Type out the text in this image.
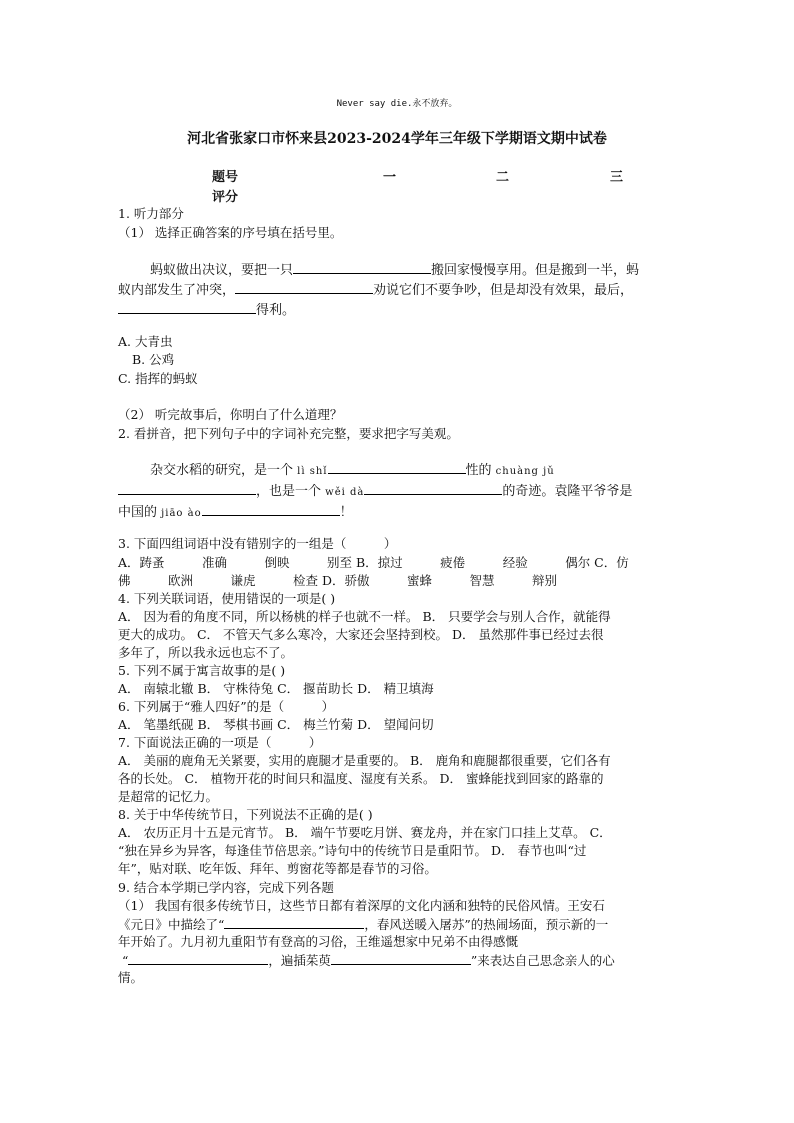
Never say die.永不放弃。
河北省张家口市怀来县2023-2024学年三年级下学期语文期中试卷
题号	一	二	三
评分
1. 听力部分
（1） 选择正确答案的序号填在括号里。
蚂蚁做出决议，要把一只	搬回家慢慢享用。但是搬到一半，蚂
蚁内部发生了冲突，	劝说它们不要争吵，但是却没有效果，最后，
得利。
A. 大青虫
B. 公鸡
C. 指挥的蚂蚁
（2） 听完故事后，你明白了什么道理？
2. 看拼音，把下列句子中的字词补充完整，要求把字写美观。
杂交水稻的研究，是一个 lì shǐ	性的 chuàng jǔ
，也是一个 wěi dà	的奇迹。袁隆平爷爷是
中国的 jiāo ào	！
3. 下面四组词语中没有错别字的一组是（　　　）
A．踌蚤　　　准确　　　倒映　　　别至 B．掠过　　　疲倦　　　经验　　　偶尔 C．仿
佛　　　欧洲　　　谦虎　　　检查 D．骄傲　　　蜜蜂　　　智慧　　　辩别
4. 下列关联词语，使用错误的一项是( )
A． 因为看的角度不同，所以杨桃的样子也就不一样。 B． 只要学会与别人合作，就能得
更大的成功。 C． 不管天气多么寒冷，大家还会坚持到校。 D． 虽然那件事已经过去很
多年了，所以我永远也忘不了。
5. 下列不属于寓言故事的是( )
A． 南辕北辙 B． 守株待兔 C． 揠苗助长 D． 精卫填海
6. 下列属于“雅人四好”的是（　　　）
A． 笔墨纸砚 B． 琴棋书画 C． 梅兰竹菊 D． 望闻问切
7. 下面说法正确的一项是（　　　）
A． 美丽的鹿角无关紧要，实用的鹿腿才是重要的。 B． 鹿角和鹿腿都很重要，它们各有
各的长处。 C． 植物开花的时间只和温度、湿度有关系。 D． 蜜蜂能找到回家的路靠的
是超常的记忆力。
8. 关于中华传统节日，下列说法不正确的是( )
A． 农历正月十五是元宵节。 B． 端午节要吃月饼、赛龙舟，并在家门口挂上艾草。 C．
“独在异乡为异客，每逢佳节倍思亲。”诗句中的传统节日是重阳节。 D． 春节也叫“过
年”，贴对联、吃年饭、拜年、剪窗花等都是春节的习俗。
9. 结合本学期已学内容，完成下列各题
（1） 我国有很多传统节日，这些节日都有着深厚的文化内涵和独特的民俗风情。王安石
《元日》中描绘了“	，春风送暖入屠苏”的热闹场面，预示新的一
年开始了。九月初九重阳节有登高的习俗，王维遥想家中兄弟不由得感慨
“	，遍插茱萸	”来表达自己思念亲人的心
情。
